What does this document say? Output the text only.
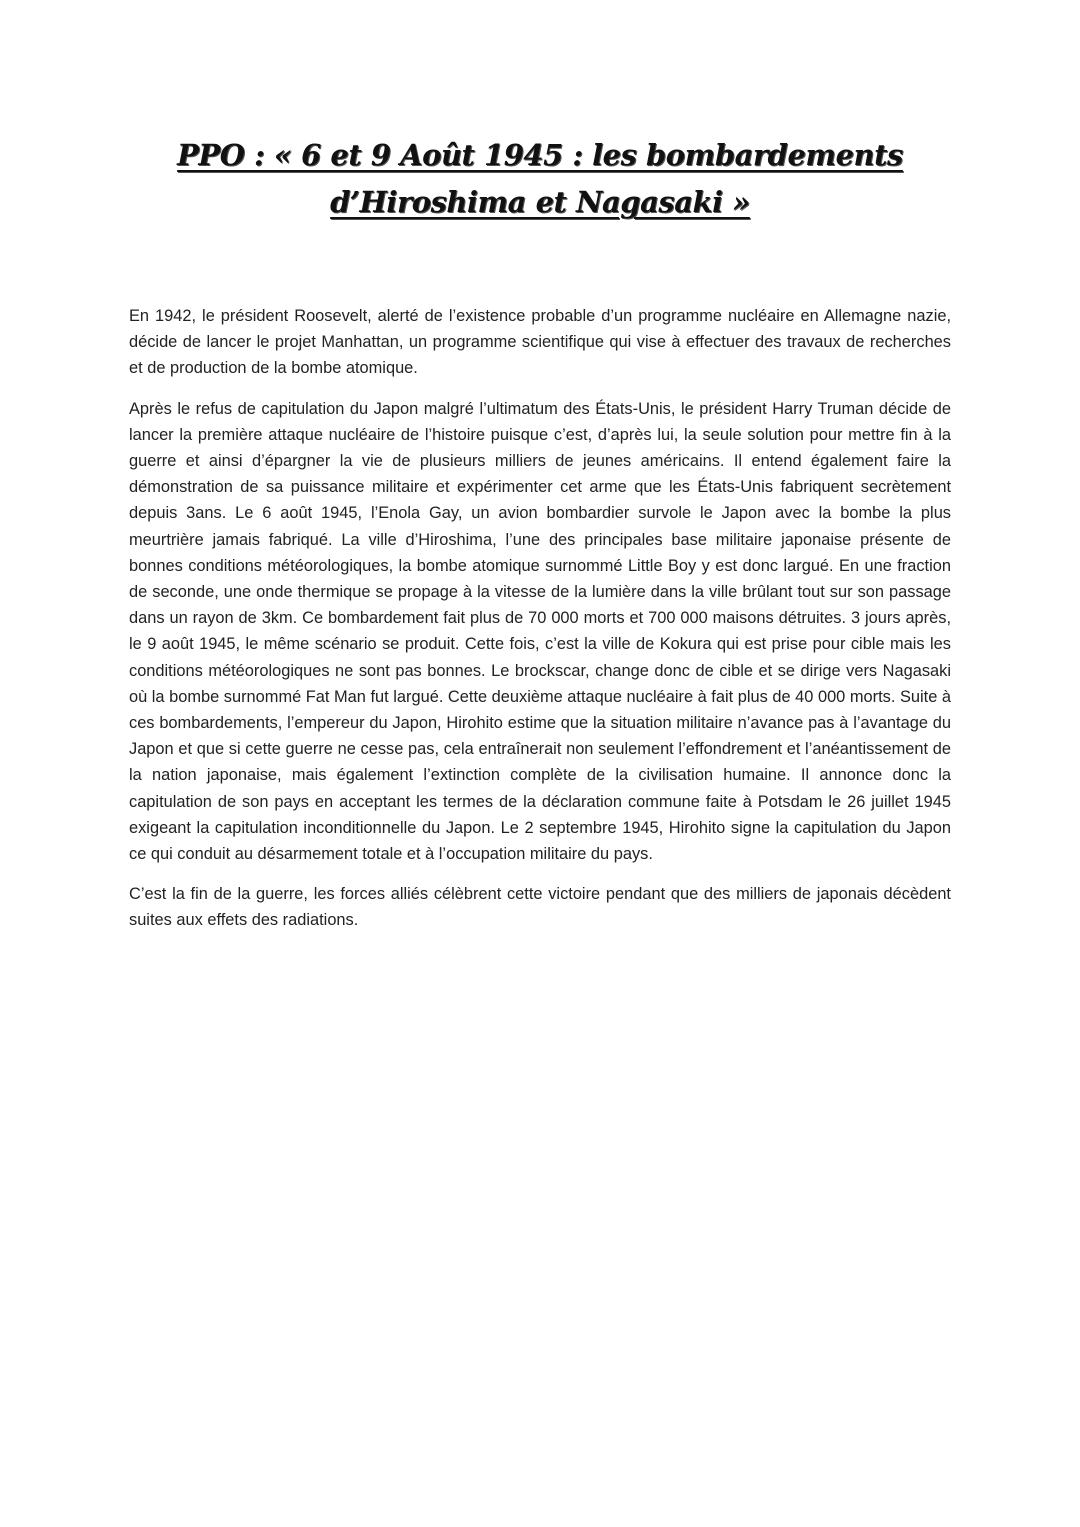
PPO : « 6 et 9 Août 1945 : les bombardements
d’Hiroshima et Nagasaki »

En 1942, le président Roosevelt, alerté de l’existence probable d’un programme nucléaire en Allemagne nazie, décide de lancer le projet Manhattan, un programme scientifique qui vise à effectuer des travaux de recherches et de production de la bombe atomique.

Après le refus de capitulation du Japon malgré l’ultimatum des États-Unis, le président Harry Truman décide de lancer la première attaque nucléaire de l’histoire puisque c’est, d’après lui, la seule solution pour mettre fin à la guerre et ainsi d’épargner la vie de plusieurs milliers de jeunes américains. Il entend également faire la démonstration de sa puissance militaire et expérimenter cet arme que les États-Unis fabriquent secrètement depuis 3ans. Le 6 août 1945, l’Enola Gay, un avion bombardier survole le Japon avec la bombe la plus meurtrière jamais fabriqué. La ville d’Hiroshima, l’une des principales base militaire japonaise présente de bonnes conditions météorologiques, la bombe atomique surnommé Little Boy y est donc largué. En une fraction de seconde, une onde thermique se propage à la vitesse de la lumière dans la ville brûlant tout sur son passage dans un rayon de 3km. Ce bombardement fait plus de 70 000 morts et 700 000 maisons détruites. 3 jours après, le 9 août 1945, le même scénario se produit. Cette fois, c’est la ville de Kokura qui est prise pour cible mais les conditions météorologiques ne sont pas bonnes. Le brockscar, change donc de cible et se dirige vers Nagasaki où la bombe surnommé Fat Man fut largué. Cette deuxième attaque nucléaire à fait plus de 40 000 morts. Suite à ces bombardements, l’empereur du Japon, Hirohito estime que la situation militaire n’avance pas à l’avantage du Japon et que si cette guerre ne cesse pas, cela entraînerait non seulement l’effondrement et l’anéantissement de la nation japonaise, mais également l’extinction complète de la civilisation humaine. Il annonce donc la capitulation de son pays en acceptant les termes de la déclaration commune faite à Potsdam le 26 juillet 1945 exigeant la capitulation inconditionnelle du Japon. Le 2 septembre 1945, Hirohito signe la capitulation du Japon ce qui conduit au désarmement totale et à l’occupation militaire du pays.

C’est la fin de la guerre, les forces alliés célèbrent cette victoire pendant que des milliers de japonais décèdent suites aux effets des radiations.
